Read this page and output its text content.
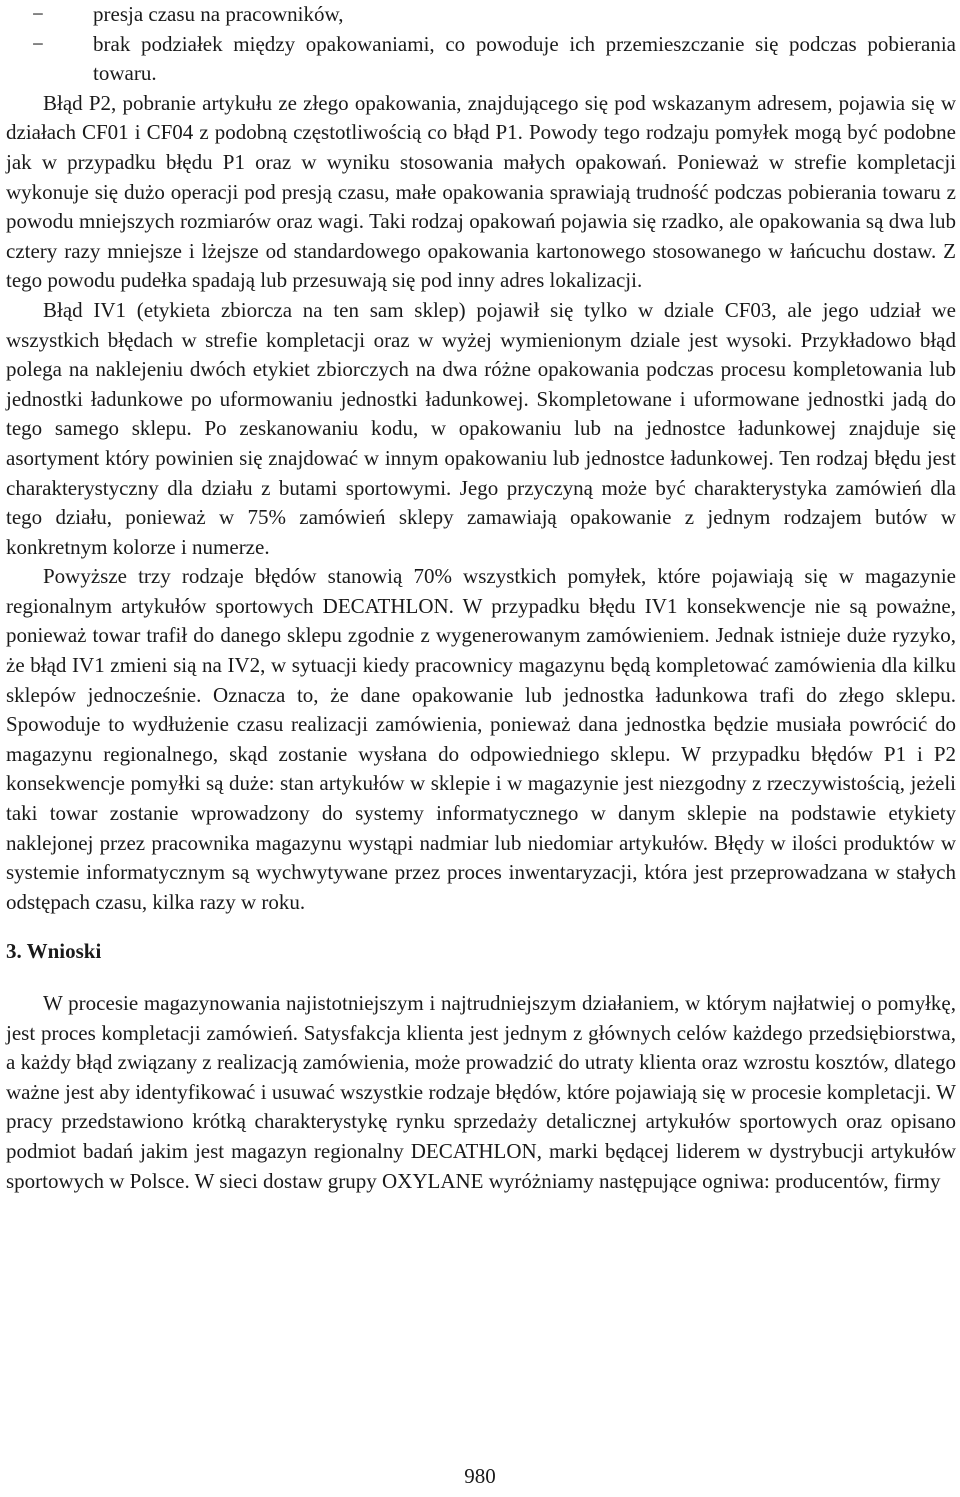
− presja czasu na pracowników,
− brak podziałek między opakowaniami, co powoduje ich przemieszczanie się podczas pobierania towaru.

Błąd P2, pobranie artykułu ze złego opakowania, znajdującego się pod wskazanym adresem, pojawia się w działach CF01 i CF04 z podobną częstotliwością co błąd P1. Powody tego rodzaju pomyłek mogą być podobne jak w przypadku błędu P1 oraz w wyniku stosowania małych opakowań. Ponieważ w strefie kompletacji wykonuje się dużo operacji pod presją czasu, małe opakowania sprawiają trudność podczas pobierania towaru z powodu mniejszych rozmiarów oraz wagi. Taki rodzaj opakowań pojawia się rzadko, ale opakowania są dwa lub cztery razy mniejsze i lżejsze od standardowego opakowania kartonowego stosowanego w łańcuchu dostaw. Z tego powodu pudełka spadają lub przesuwają się pod inny adres lokalizacji.

Błąd IV1 (etykieta zbiorcza na ten sam sklep) pojawił się tylko w dziale CF03, ale jego udział we wszystkich błędach w strefie kompletacji oraz w wyżej wymienionym dziale jest wysoki. Przykładowo błąd polega na naklejeniu dwóch etykiet zbiorczych na dwa różne opakowania podczas procesu kompletowania lub jednostki ładunkowe po uformowaniu jednostki ładunkowej. Skompletowane i uformowane jednostki jadą do tego samego sklepu. Po zeskanowaniu kodu, w opakowaniu lub na jednostce ładunkowej znajduje się asortyment który powinien się znajdować w innym opakowaniu lub jednostce ładunkowej. Ten rodzaj błędu jest charakterystyczny dla działu z butami sportowymi. Jego przyczyną może być charakterystyka zamówień dla tego działu, ponieważ w 75% zamówień sklepy zamawiają opakowanie z jednym rodzajem butów w konkretnym kolorze i numerze.

Powyższe trzy rodzaje błędów stanowią 70% wszystkich pomyłek, które pojawiają się w magazynie regionalnym artykułów sportowych DECATHLON. W przypadku błędu IV1 konsekwencje nie są poważne, ponieważ towar trafił do danego sklepu zgodnie z wygenerowanym zamówieniem. Jednak istnieje duże ryzyko, że błąd IV1 zmieni sią na IV2, w sytuacji kiedy pracownicy magazynu będą kompletować zamówienia dla kilku sklepów jednocześnie. Oznacza to, że dane opakowanie lub jednostka ładunkowa trafi do złego sklepu. Spowoduje to wydłużenie czasu realizacji zamówienia, ponieważ dana jednostka będzie musiała powrócić do magazynu regionalnego, skąd zostanie wysłana do odpowiedniego sklepu. W przypadku błędów P1 i P2 konsekwencje pomyłki są duże: stan artykułów w sklepie i w magazynie jest niezgodny z rzeczywistością, jeżeli taki towar zostanie wprowadzony do systemy informatycznego w danym sklepie na podstawie etykiety naklejonej przez pracownika magazynu wystąpi nadmiar lub niedomiar artykułów. Błędy w ilości produktów w systemie informatycznym są wychwytywane przez proces inwentaryzacji, która jest przeprowadzana w stałych odstępach czasu, kilka razy w roku.

3. Wnioski

W procesie magazynowania najistotniejszym i najtrudniejszym działaniem, w którym najłatwiej o pomyłkę, jest proces kompletacji zamówień. Satysfakcja klienta jest jednym z głównych celów każdego przedsiębiorstwa, a każdy błąd związany z realizacją zamówienia, może prowadzić do utraty klienta oraz wzrostu kosztów, dlatego ważne jest aby identyfikować i usuwać wszystkie rodzaje błędów, które pojawiają się w procesie kompletacji. W pracy przedstawiono krótką charakterystykę rynku sprzedaży detalicznej artykułów sportowych oraz opisano podmiot badań jakim jest magazyn regionalny DECATHLON, marki będącej liderem w dystrybucji artykułów sportowych w Polsce. W sieci dostaw grupy OXYLANE wyróżniamy następujące ogniwa: producentów, firmy

980
